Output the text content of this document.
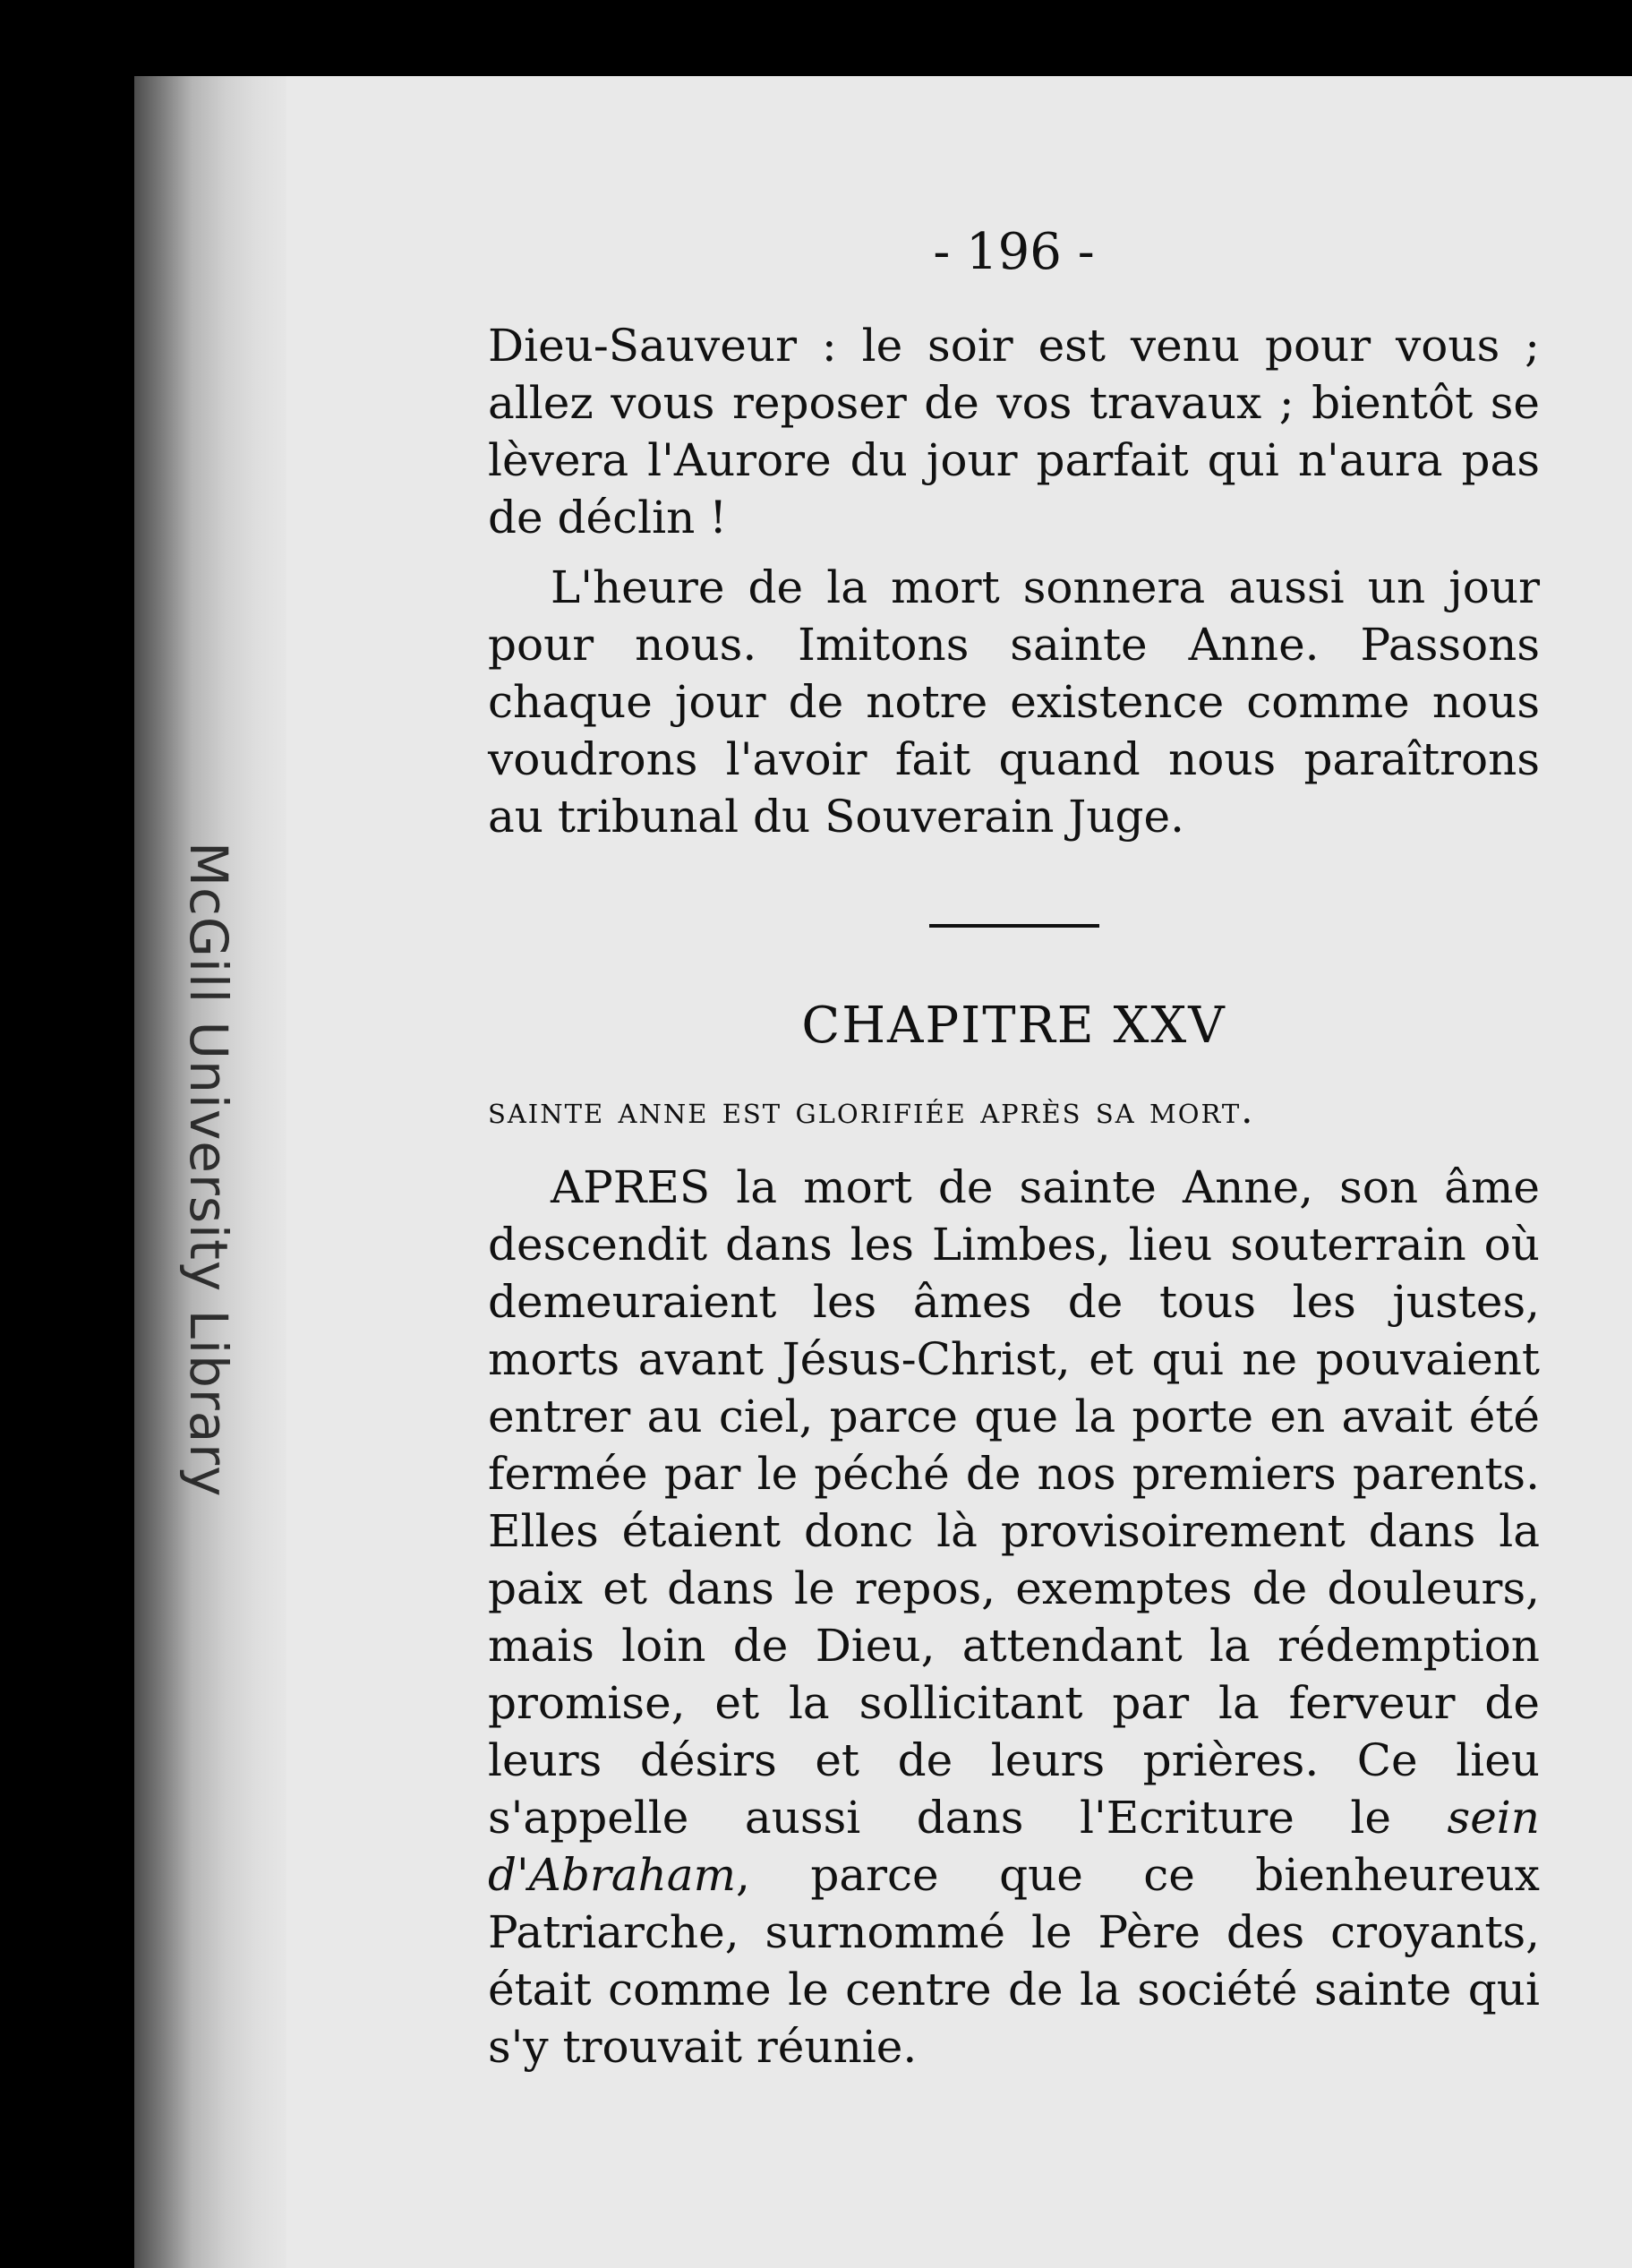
McGill University Library
- 196 -

Dieu-Sauveur : le soir est venu pour vous ; allez vous reposer de vos travaux ; bientôt se lèvera l'Aurore du jour parfait qui n'aura pas de déclin !

L'heure de la mort sonnera aussi un jour pour nous. Imitons sainte Anne. Passons chaque jour de notre existence comme nous voudrons l'avoir fait quand nous paraîtrons au tribunal du Souverain Juge.

CHAPITRE XXV
sainte anne est glorifiée après sa mort.

APRES la mort de sainte Anne, son âme descendit dans les Limbes, lieu souterrain où demeuraient les âmes de tous les justes, morts avant Jésus-Christ, et qui ne pouvaient entrer au ciel, parce que la porte en avait été fermée par le péché de nos premiers parents. Elles étaient donc là provisoirement dans la paix et dans le repos, exemptes de douleurs, mais loin de Dieu, attendant la rédemption promise, et la sollicitant par la ferveur de leurs désirs et de leurs prières. Ce lieu s'appelle aussi dans l'Ecriture le sein d'Abraham, parce que ce bienheureux Patriarche, surnommé le Père des croyants, était comme le centre de la société sainte qui s'y trouvait réunie.
